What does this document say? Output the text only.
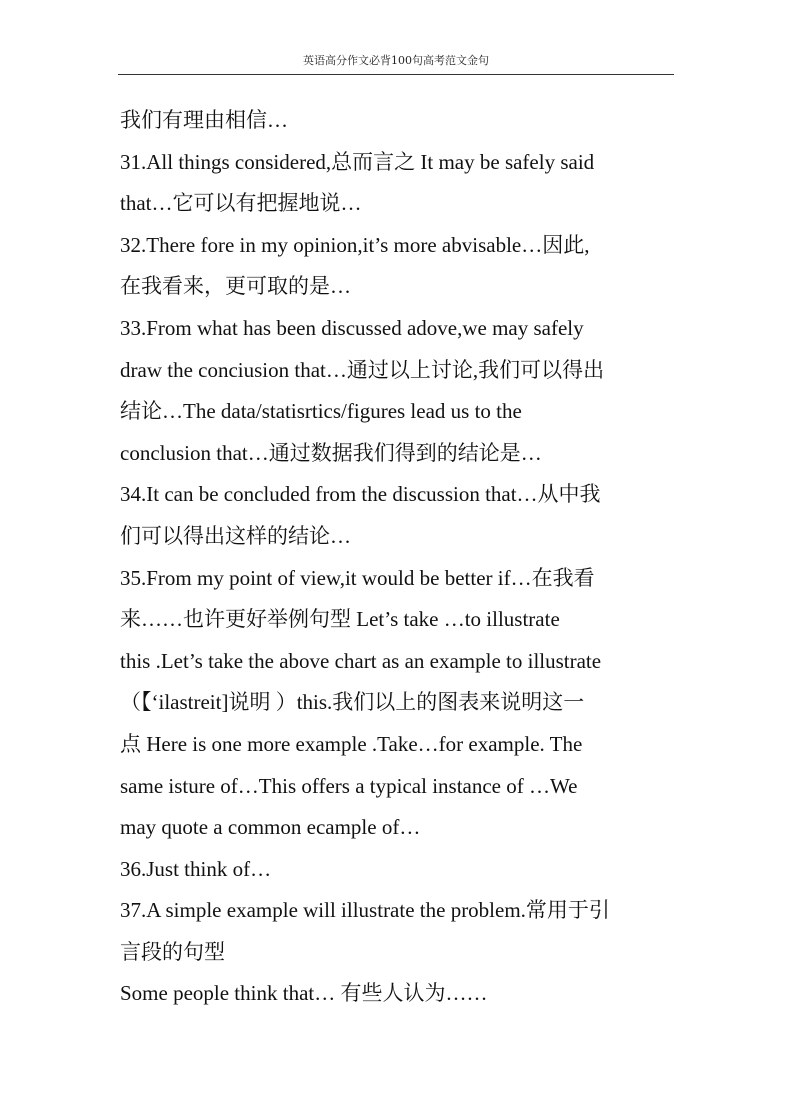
英语高分作文必背100句高考范文金句

我们有理由相信…

31.All things considered,总而言之 It may be safely said

that…它可以有把握地说…

32.There fore in my opinion,it’s more abvisable…因此,

在我看来，更可取的是…

33.From what has been discussed adove,we may safely

draw the conciusion that…通过以上讨论,我们可以得出

结论…The data/statisrtics/figures lead us to the

conclusion that…通过数据我们得到的结论是…

34.It can be concluded from the discussion that…从中我

们可以得出这样的结论…

35.From my point of view,it would be better if…在我看

来……也许更好举例句型 Let’s take …to illustrate

this .Let’s take the above chart as an example to illustrate

（【‘ilastreit]说明 ）this.我们以上的图表来说明这一

点 Here is one more example .Take…for example. The

same isture of…This offers a typical instance of …We

may quote a common ecample of…

36.Just think of…

37.A simple example will illustrate the problem.常用于引

言段的句型

Some people think that… 有些人认为……
